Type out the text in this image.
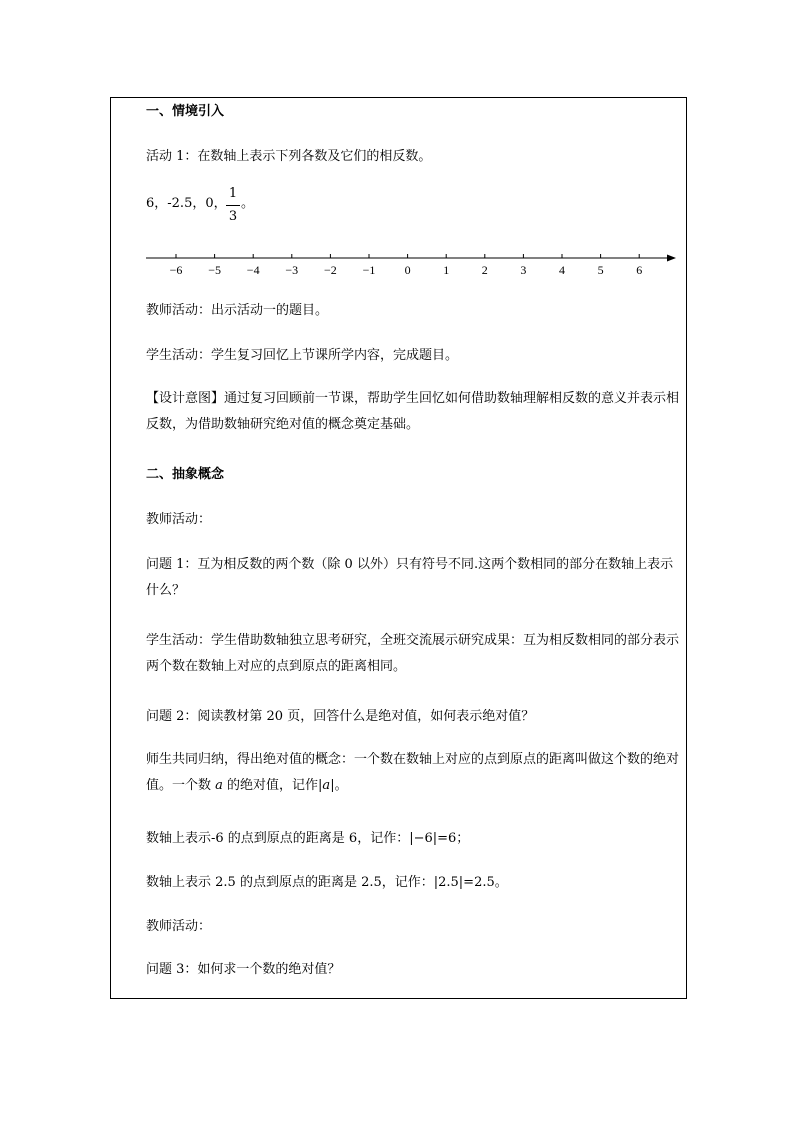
一、情境引入
活动 1：在数轴上表示下列各数及它们的相反数。
6，-2.5，0，
1
3
。
−6 −5 −4 −3 −2 −1 0	1	2	3	4	5	6
教师活动：出示活动一的题目。
学生活动：学生复习回忆上节课所学内容，完成题目。
【设计意图】通过复习回顾前一节课，帮助学生回忆如何借助数轴理解相反数的意义并表示相反数，为借助数轴研究绝对值的概念奠定基础。
二、抽象概念
教师活动：
问题 1：互为相反数的两个数（除 0 以外）只有符号不同.这两个数相同的部分在数轴上表示什么？
学生活动：学生借助数轴独立思考研究，全班交流展示研究成果：互为相反数相同的部分表示两个数在数轴上对应的点到原点的距离相同。
问题 2：阅读教材第 20 页，回答什么是绝对值，如何表示绝对值？
师生共同归纳，得出绝对值的概念：一个数在数轴上对应的点到原点的距离叫做这个数的绝对值。一个数 a 的绝对值，记作|a|。
数轴上表示-6 的点到原点的距离是 6，记作：|−6|=6；
数轴上表示 2.5 的点到原点的距离是 2.5，记作：|2.5|=2.5。
教师活动：
问题 3：如何求一个数的绝对值？
